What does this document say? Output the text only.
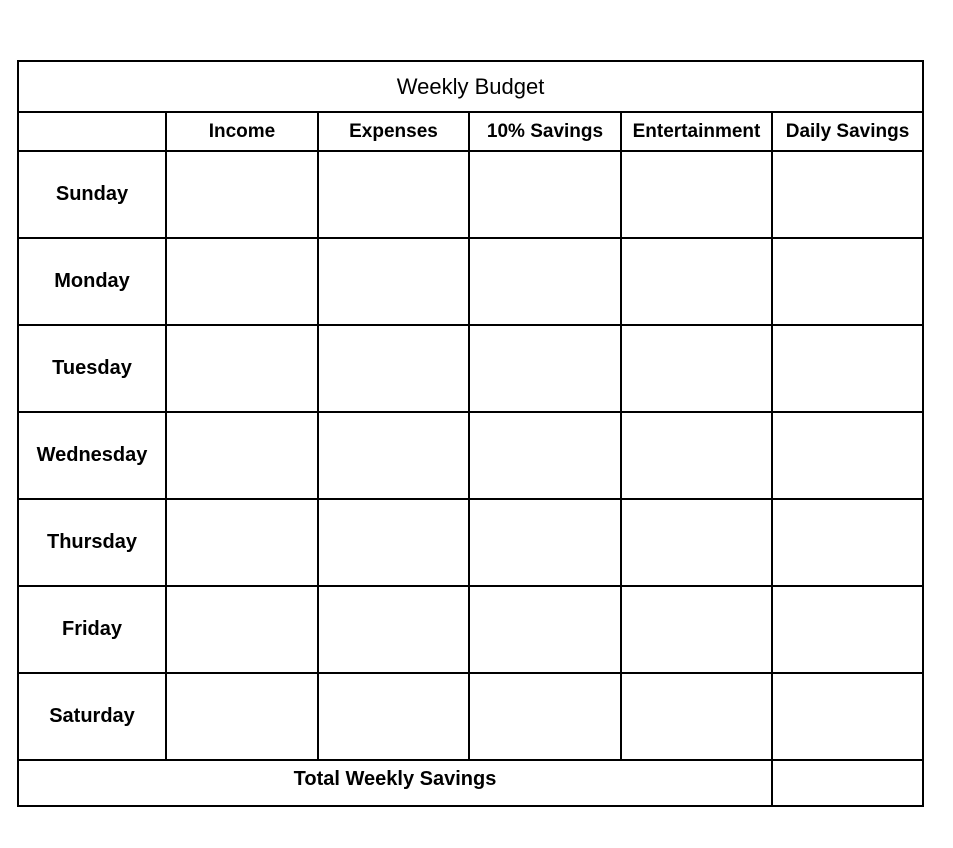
Weekly Budget					
	Income	Expenses	10% Savings	Entertainment	Daily Savings
Sunday					
Monday					
Tuesday					
Wednesday					
Thursday					
Friday					
Saturday					
Total Weekly Savings					
